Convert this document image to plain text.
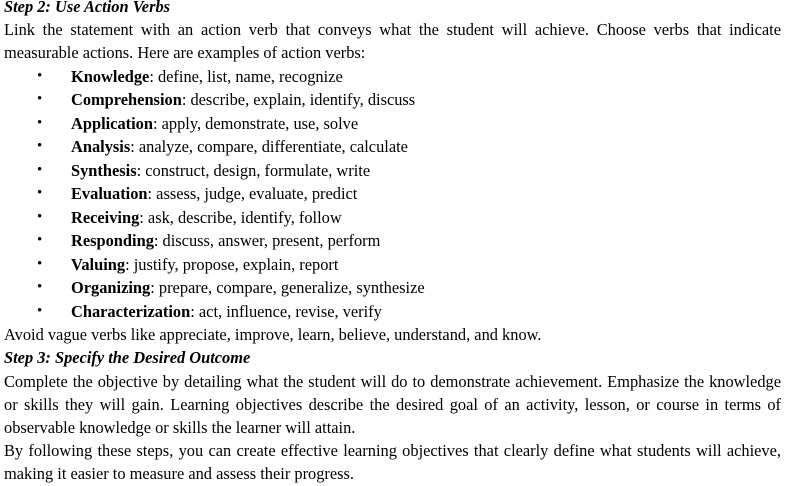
Step 2: Use Action Verbs

Link the statement with an action verb that conveys what the student will achieve. Choose verbs that indicate measurable actions. Here are examples of action verbs:

• Knowledge: define, list, name, recognize
• Comprehension: describe, explain, identify, discuss
• Application: apply, demonstrate, use, solve
• Analysis: analyze, compare, differentiate, calculate
• Synthesis: construct, design, formulate, write
• Evaluation: assess, judge, evaluate, predict
• Receiving: ask, describe, identify, follow
• Responding: discuss, answer, present, perform
• Valuing: justify, propose, explain, report
• Organizing: prepare, compare, generalize, synthesize
• Characterization: act, influence, revise, verify

Avoid vague verbs like appreciate, improve, learn, believe, understand, and know.

Step 3: Specify the Desired Outcome

Complete the objective by detailing what the student will do to demonstrate achievement. Emphasize the knowledge or skills they will gain. Learning objectives describe the desired goal of an activity, lesson, or course in terms of observable knowledge or skills the learner will attain.

By following these steps, you can create effective learning objectives that clearly define what students will achieve, making it easier to measure and assess their progress.
